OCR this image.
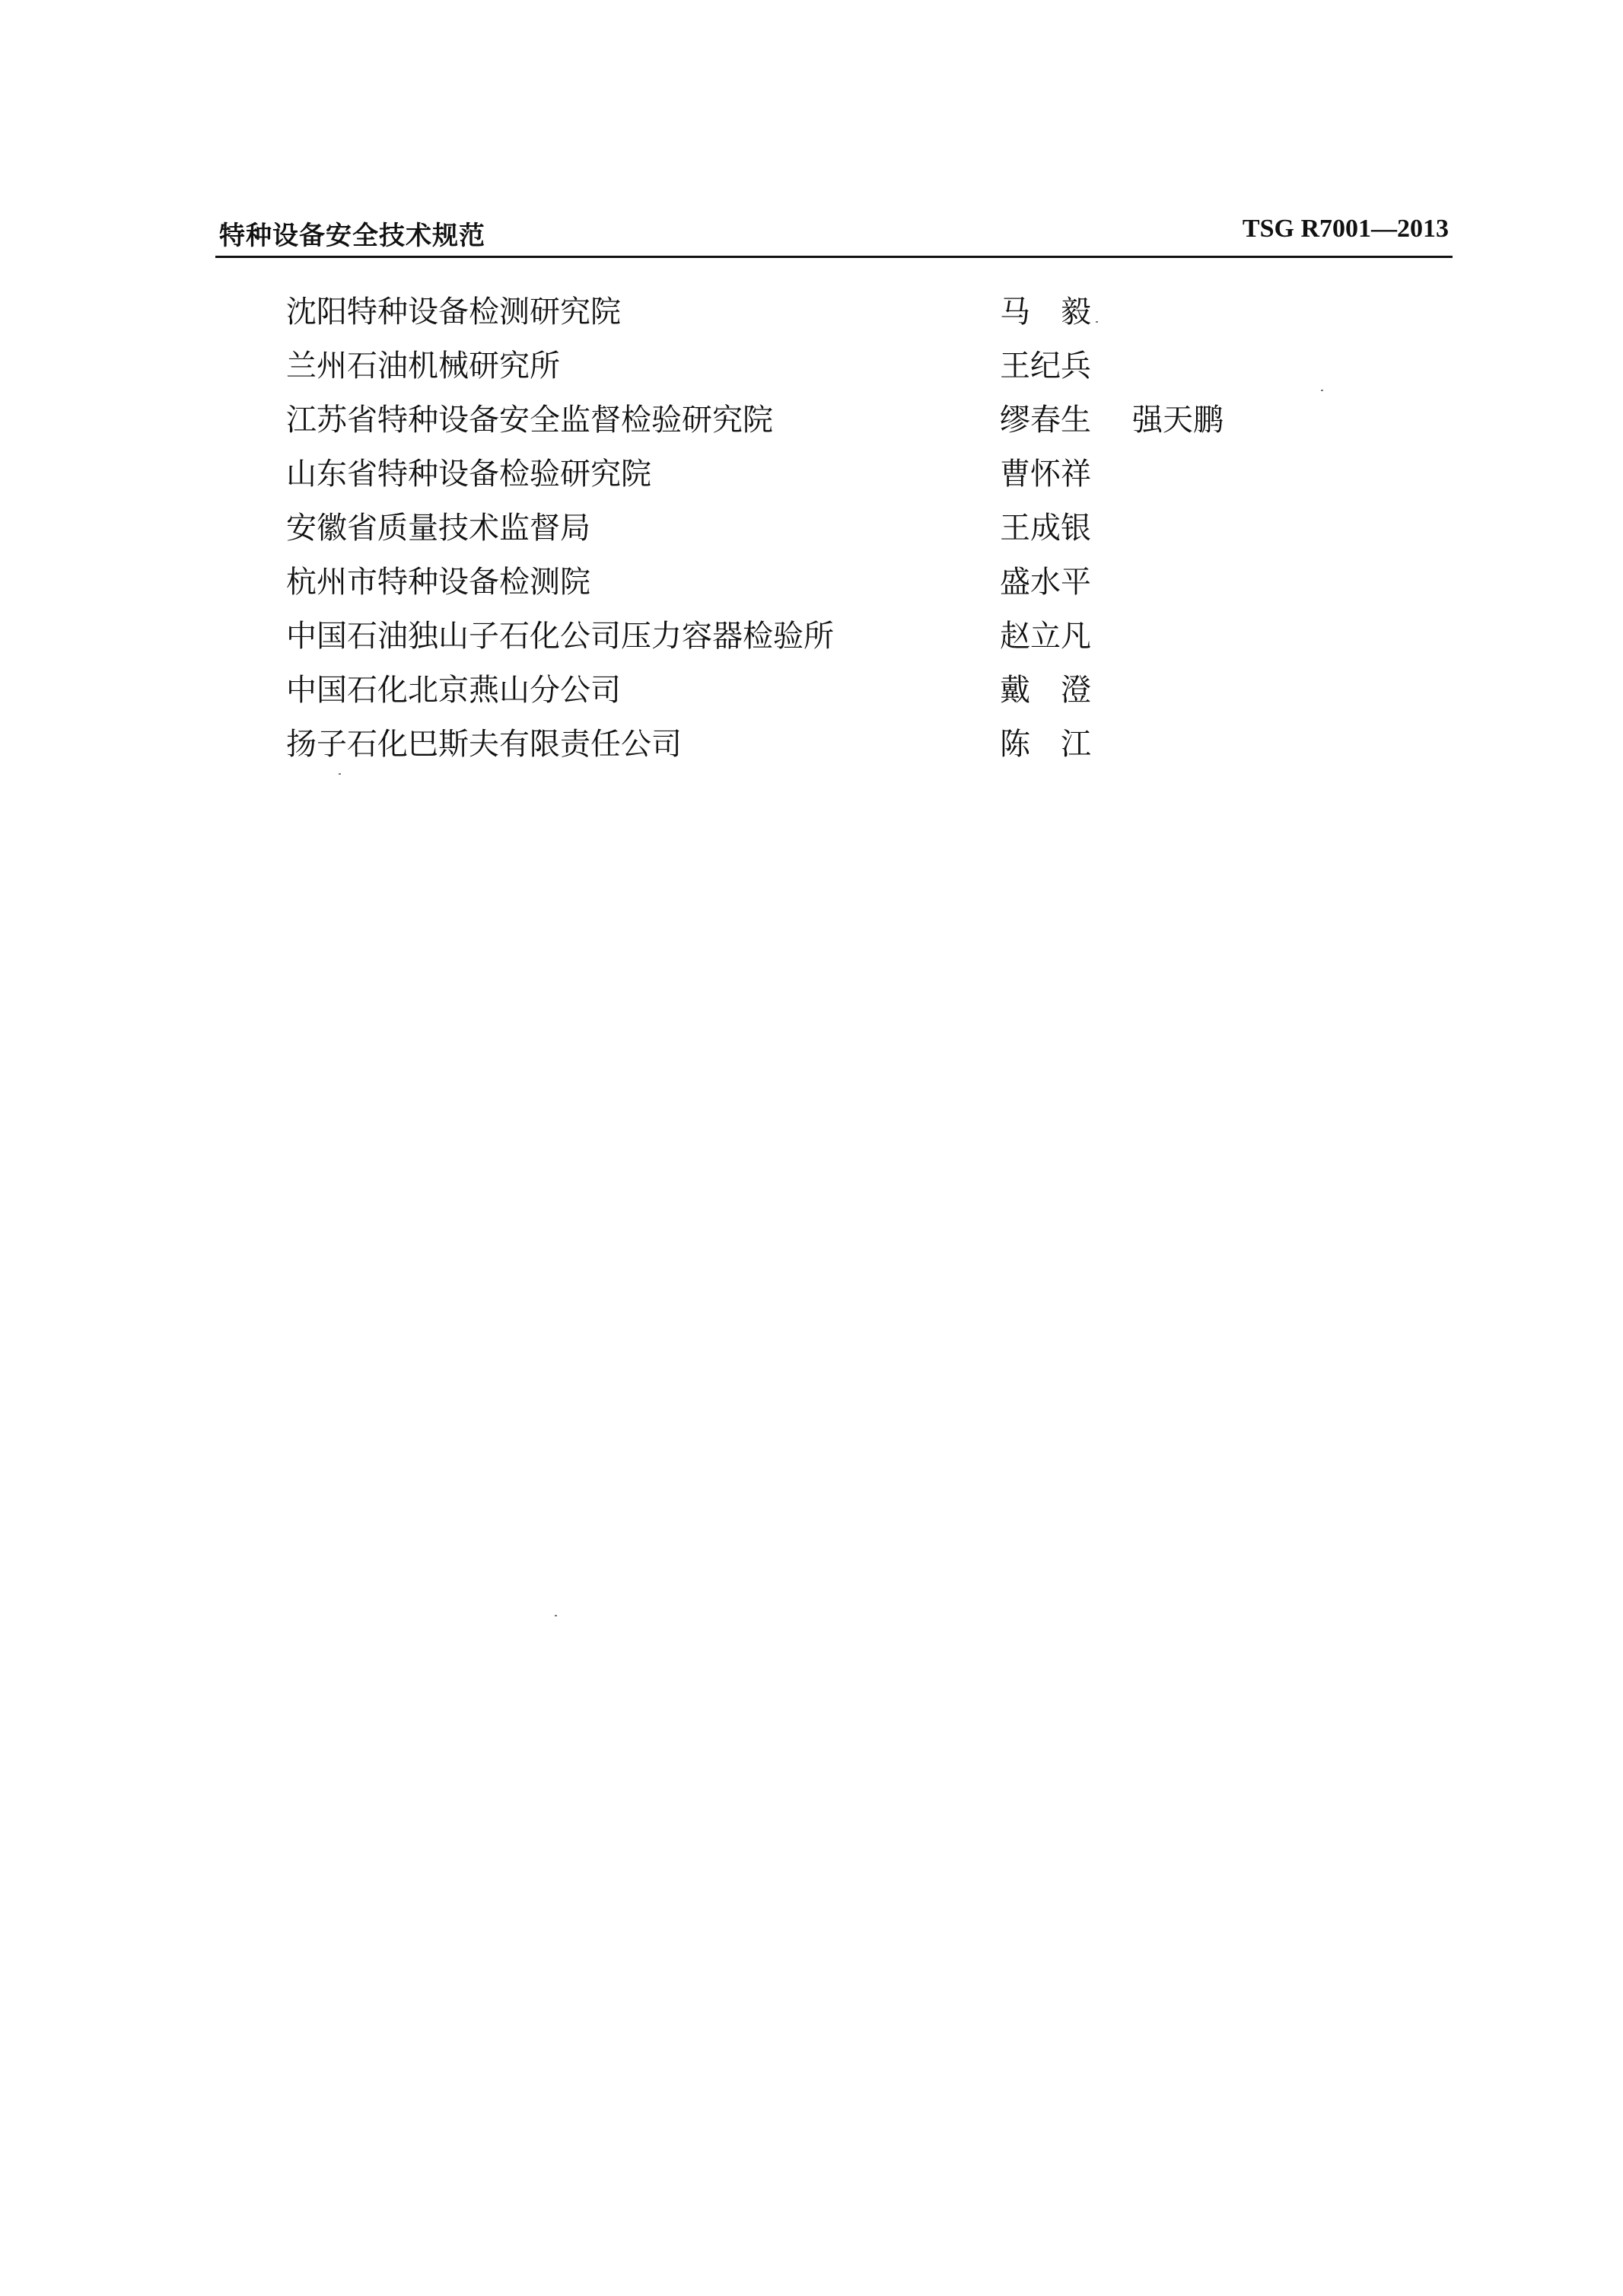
特种设备安全技术规范	TSG R7001—2013
沈阳特种设备检测研究院	马　毅
兰州石油机械研究所	王纪兵
江苏省特种设备安全监督检验研究院	缪春生 强天鹏
山东省特种设备检验研究院	曹怀祥
安徽省质量技术监督局	王成银
杭州市特种设备检测院	盛水平
中国石油独山子石化公司压力容器检验所	赵立凡
中国石化北京燕山分公司	戴　澄
扬子石化巴斯夫有限责任公司	陈　江
